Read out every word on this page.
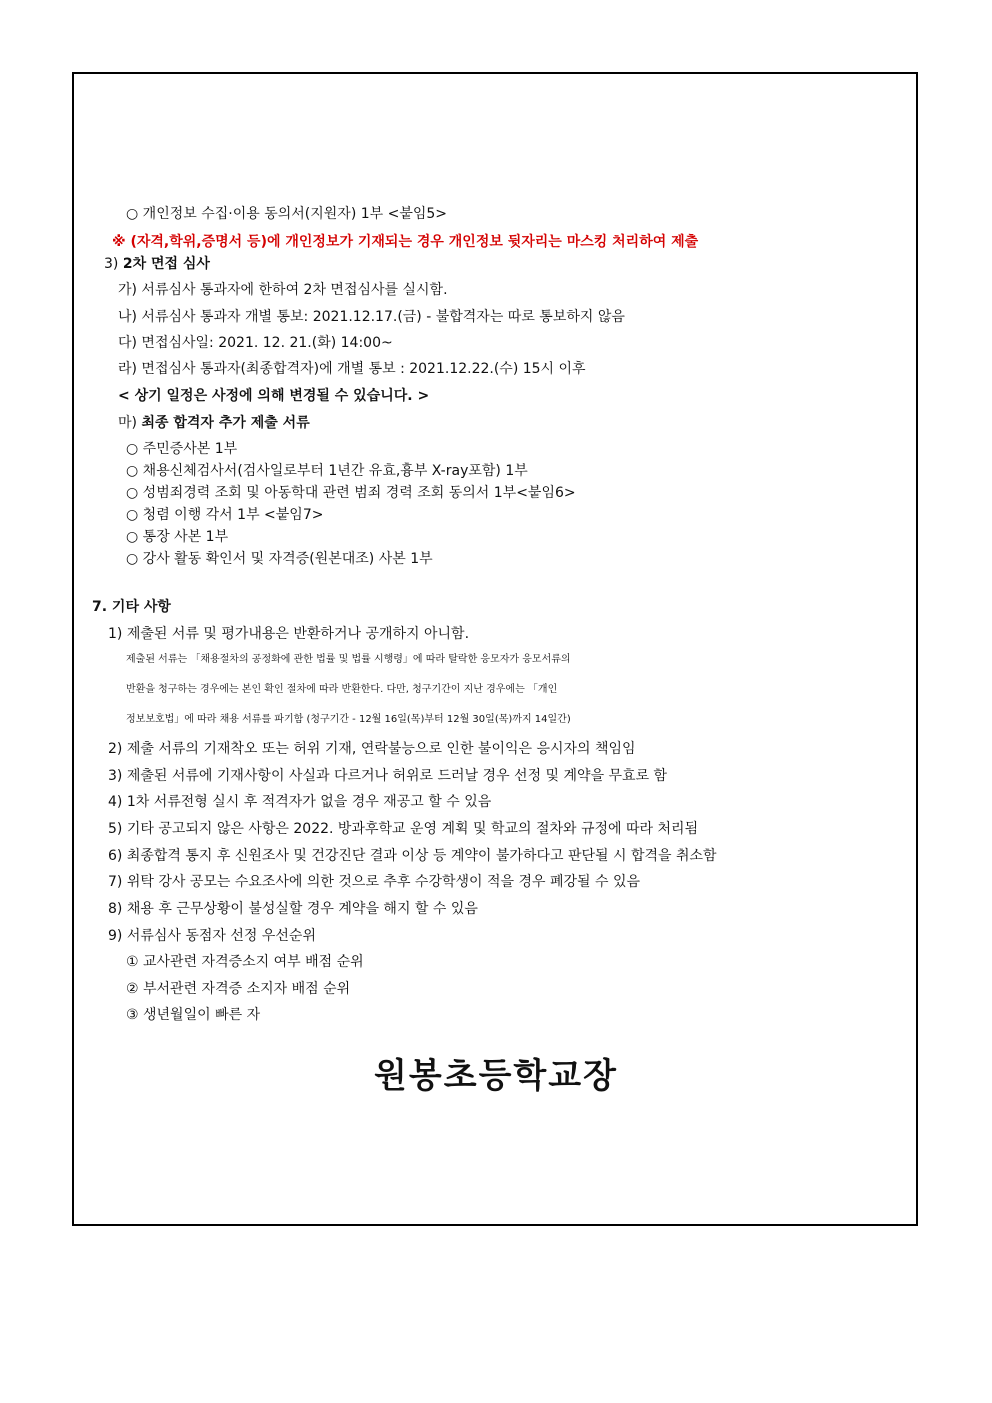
○ 개인정보 수집·이용 동의서(지원자) 1부 <붙임5>
※ (자격,학위,증명서 등)에 개인정보가 기재되는 경우 개인정보 뒷자리는 마스킹 처리하여 제출
3) 2차 면접 심사
가) 서류심사 통과자에 한하여 2차 면접심사를 실시함.
나) 서류심사 통과자 개별 통보: 2021.12.17.(금) - 불합격자는 따로 통보하지 않음
다) 면접심사일: 2021. 12. 21.(화) 14:00~
라) 면접심사 통과자(최종합격자)에 개별 통보 : 2021.12.22.(수) 15시 이후
< 상기 일정은 사정에 의해 변경될 수 있습니다. >
마) 최종 합격자 추가 제출 서류
○ 주민증사본 1부
○ 채용신체검사서(검사일로부터 1년간 유효,흉부 X-ray포함) 1부
○ 성범죄경력 조회 및 아동학대 관련 범죄 경력 조회 동의서 1부<붙임6>
○ 청렴 이행 각서 1부 <붙임7>
○ 통장 사본 1부
○ 강사 활동 확인서 및 자격증(원본대조) 사본 1부
7. 기타 사항
1) 제출된 서류 및 평가내용은 반환하거나 공개하지 아니함.
제출된 서류는 「채용절차의 공정화에 관한 법률 및 법률 시행령」에 따라 탈락한 응모자가 응모서류의
반환을 청구하는 경우에는 본인 확인 절차에 따라 반환한다. 다만, 청구기간이 지난 경우에는 「개인
정보보호법」에 따라 채용 서류를 파기함 (청구기간 - 12월 16일(목)부터 12월 30일(목)까지 14일간)
2) 제출 서류의 기재착오 또는 허위 기재, 연락불능으로 인한 불이익은 응시자의 책임임
3) 제출된 서류에 기재사항이 사실과 다르거나 허위로 드러날 경우 선정 및 계약을 무효로 함
4) 1차 서류전형 실시 후 적격자가 없을 경우 재공고 할 수 있음
5) 기타 공고되지 않은 사항은 2022. 방과후학교 운영 계획 및 학교의 절차와 규정에 따라 처리됨
6) 최종합격 통지 후 신원조사 및 건강진단 결과 이상 등 계약이 불가하다고 판단될 시 합격을 취소함
7) 위탁 강사 공모는 수요조사에 의한 것으로 추후 수강학생이 적을 경우 폐강될 수 있음
8) 채용 후 근무상황이 불성실할 경우 계약을 해지 할 수 있음
9) 서류심사 동점자 선정 우선순위
① 교사관련 자격증소지 여부 배점 순위
② 부서관련 자격증 소지자 배점 순위
③ 생년월일이 빠른 자
원봉초등학교장
